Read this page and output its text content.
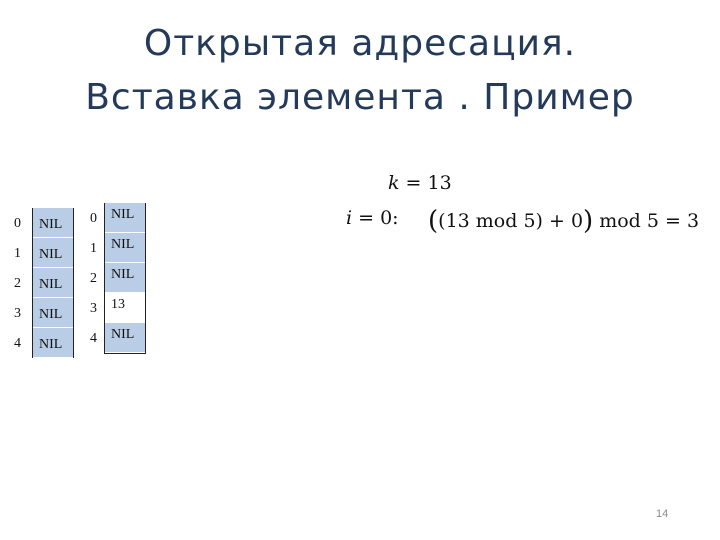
Открытая адресация.
Вставка элемента . Пример
0
1
2
3
4
NIL
NIL
NIL
NIL
NIL
0
1
2
3
4
NIL
NIL
NIL
13
NIL
k = 13
i = 0: ((13 mod 5) + 0) mod 5 = 3
14
